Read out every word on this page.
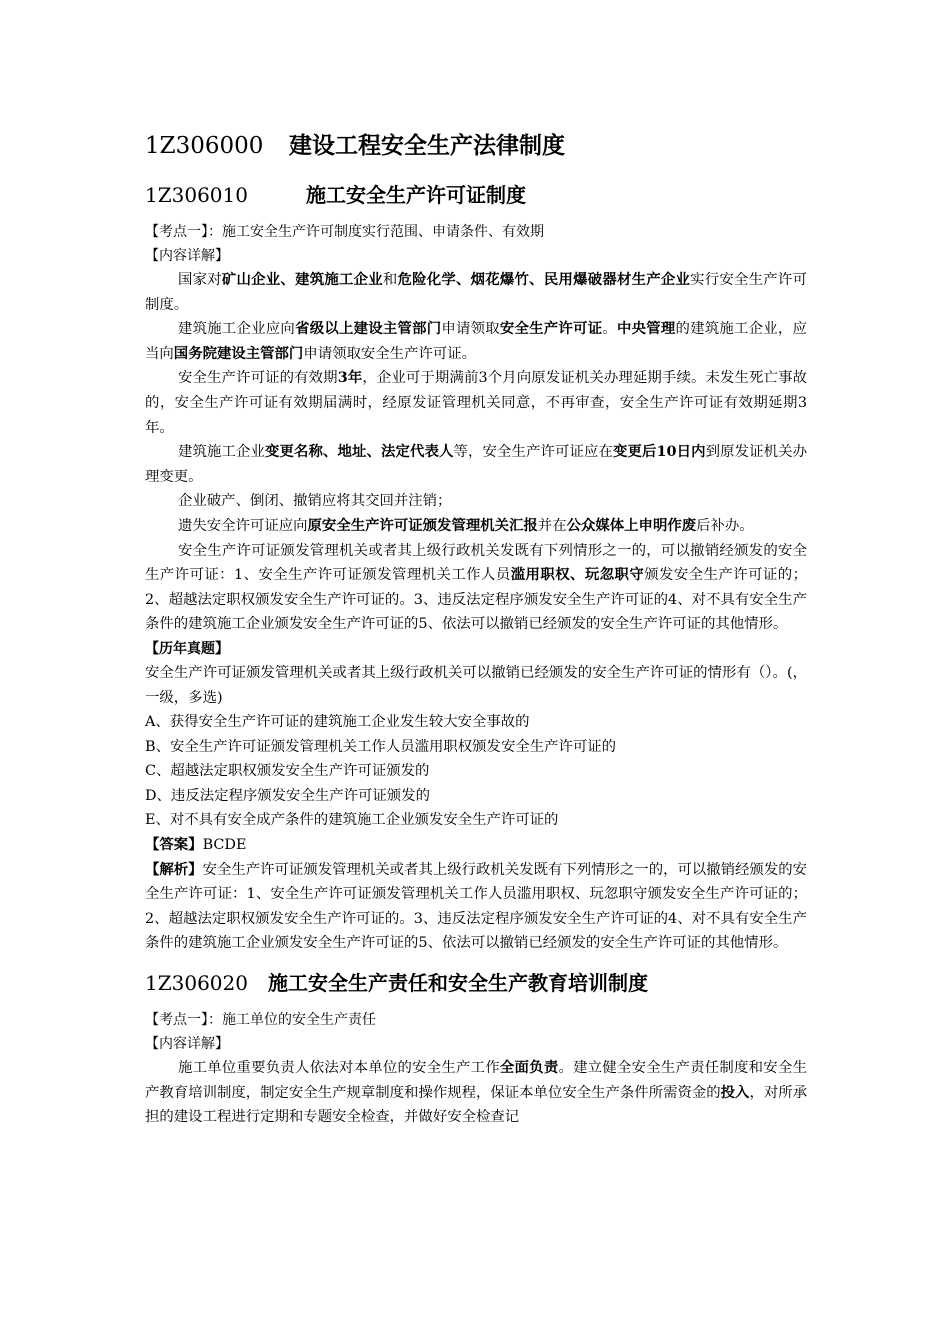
1Z306000 建设工程安全生产法律制度
1Z306010	施工安全生产许可证制度
【考点一】：施工安全生产许可制度实行范围、申请条件、有效期
【内容详解】

国家对矿山企业、建筑施工企业和危险化学、烟花爆竹、民用爆破器材生产企业实行安全生产许可制度。

建筑施工企业应向省级以上建设主管部门申请领取安全生产许可证。中央管理的建筑施工企业，应当向国务院建设主管部门申请领取安全生产许可证。

安全生产许可证的有效期3年，企业可于期满前3个月向原发证机关办理延期手续。未发生死亡事故的，安全生产许可证有效期届满时，经原发证管理机关同意，不再审查，安全生产许可证有效期延期3年。

建筑施工企业变更名称、地址、法定代表人等，安全生产许可证应在变更后10日内到原发证机关办理变更。

企业破产、倒闭、撤销应将其交回并注销；

遗失安全许可证应向原安全生产许可证颁发管理机关汇报并在公众媒体上申明作废后补办。

安全生产许可证颁发管理机关或者其上级行政机关发既有下列情形之一的，可以撤销经颁发的安全生产许可证：1、安全生产许可证颁发管理机关工作人员滥用职权、玩忽职守颁发安全生产许可证的；2、超越法定职权颁发安全生产许可证的。3、违反法定程序颁发安全生产许可证的4、对不具有安全生产条件的建筑施工企业颁发安全生产许可证的5、依法可以撤销已经颁发的安全生产许可证的其他情形。

【历年真题】

安全生产许可证颁发管理机关或者其上级行政机关可以撤销已经颁发的安全生产许可证的情形有（）。(，一级，多选)

A、获得安全生产许可证的建筑施工企业发生较大安全事故的

B、安全生产许可证颁发管理机关工作人员滥用职权颁发安全生产许可证的

C、超越法定职权颁发安全生产许可证颁发的

D、违反法定程序颁发安全生产许可证颁发的

E、对不具有安全成产条件的建筑施工企业颁发安全生产许可证的

【答案】BCDE

【解析】安全生产许可证颁发管理机关或者其上级行政机关发既有下列情形之一的，可以撤销经颁发的安全生产许可证：1、安全生产许可证颁发管理机关工作人员滥用职权、玩忽职守颁发安全生产许可证的；2、超越法定职权颁发安全生产许可证的。3、违反法定程序颁发安全生产许可证的4、对不具有安全生产条件的建筑施工企业颁发安全生产许可证的5、依法可以撤销已经颁发的安全生产许可证的其他情形。

1Z306020 施工安全生产责任和安全生产教育培训制度
【考点一】：施工单位的安全生产责任
【内容详解】

施工单位重要负责人依法对本单位的安全生产工作全面负责。建立健全安全生产责任制度和安全生产教育培训制度，制定安全生产规章制度和操作规程，保证本单位安全生产条件所需资金的投入，对所承担的建设工程进行定期和专题安全检查，并做好安全检查记
